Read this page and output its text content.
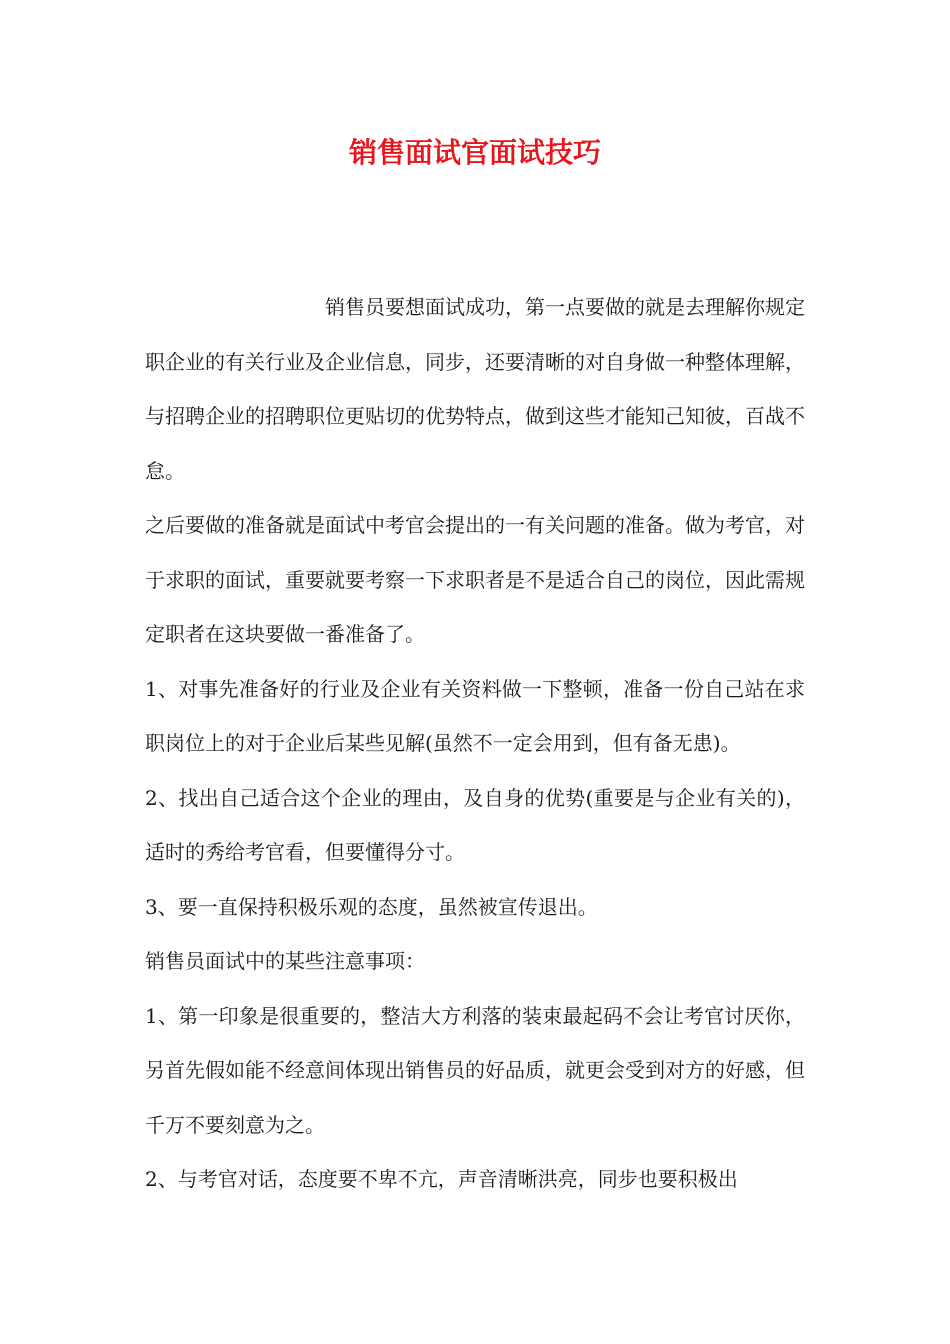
销售面试官面试技巧

销售员要想面试成功，第一点要做的就是去理解你规定职企业的有关行业及企业信息，同步，还要清晰的对自身做一种整体理解，与招聘企业的招聘职位更贴切的优势特点，做到这些才能知己知彼，百战不怠。

之后要做的准备就是面试中考官会提出的一有关问题的准备。做为考官，对于求职的面试，重要就要考察一下求职者是不是适合自己的岗位，因此需规定职者在这块要做一番准备了。

1、对事先准备好的行业及企业有关资料做一下整顿，准备一份自己站在求职岗位上的对于企业后某些见解(虽然不一定会用到，但有备无患)。

2、找出自己适合这个企业的理由，及自身的优势(重要是与企业有关的)，适时的秀给考官看，但要懂得分寸。

3、要一直保持积极乐观的态度，虽然被宣传退出。

销售员面试中的某些注意事项：

1、第一印象是很重要的，整洁大方利落的装束最起码不会让考官讨厌你，另首先假如能不经意间体现出销售员的好品质，就更会受到对方的好感，但千万不要刻意为之。

2、与考官对话，态度要不卑不亢，声音清晰洪亮，同步也要积极出
